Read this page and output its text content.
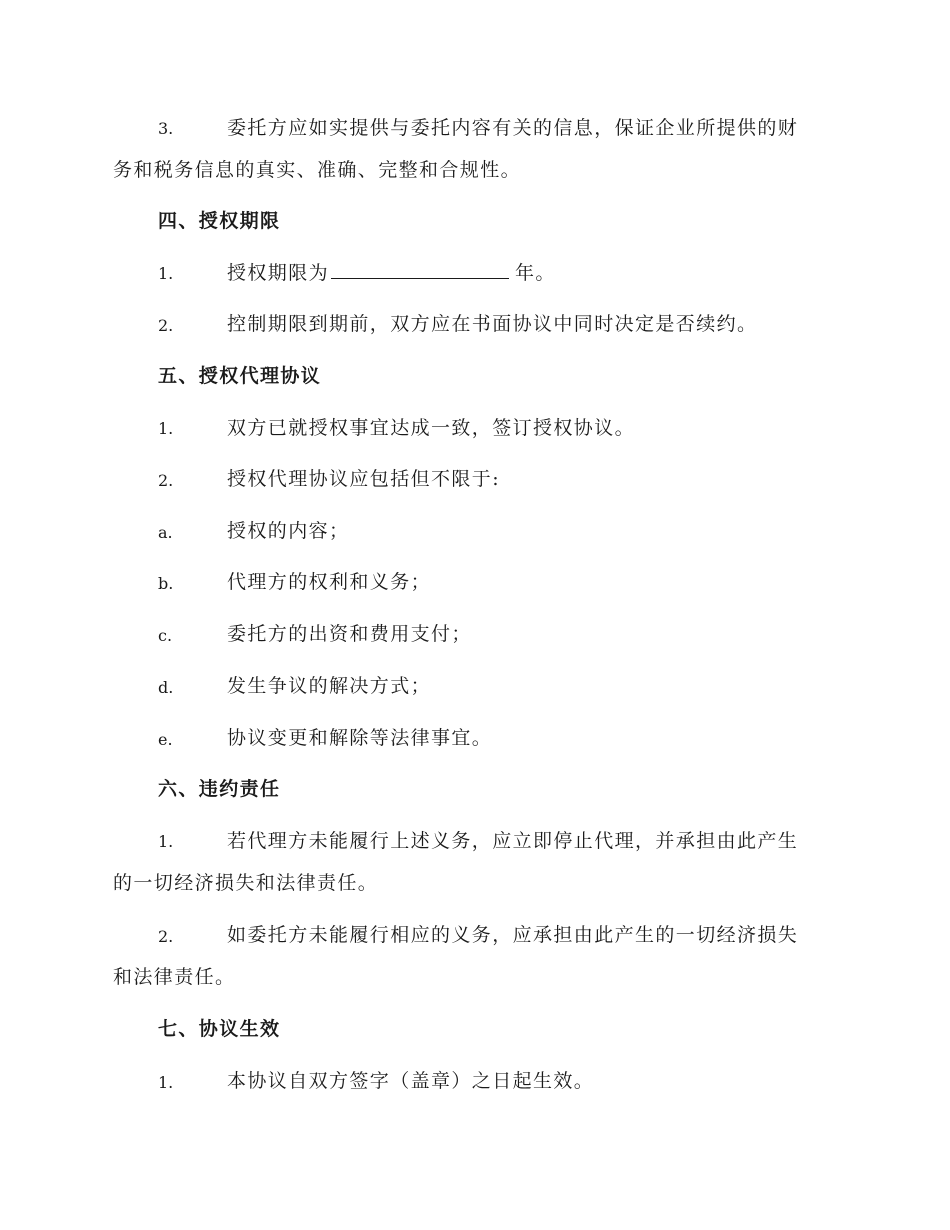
3.	委托方应如实提供与委托内容有关的信息，保证企业所提供的财

务和税务信息的真实、准确、完整和合规性。

四、授权期限

1.	授权期限为	年。

2.	控制期限到期前，双方应在书面协议中同时决定是否续约。

五、授权代理协议

1.	双方已就授权事宜达成一致，签订授权协议。

2.	授权代理协议应包括但不限于:

a.	授权的内容；

b.	代理方的权利和义务；

c.	委托方的出资和费用支付；

d.	发生争议的解决方式；

e.	协议变更和解除等法律事宜。

六、违约责任

1.	若代理方未能履行上述义务，应立即停止代理，并承担由此产生

的一切经济损失和法律责任。

2.	如委托方未能履行相应的义务，应承担由此产生的一切经济损失

和法律责任。

七、协议生效

1.	本协议自双方签字（盖章）之日起生效。
